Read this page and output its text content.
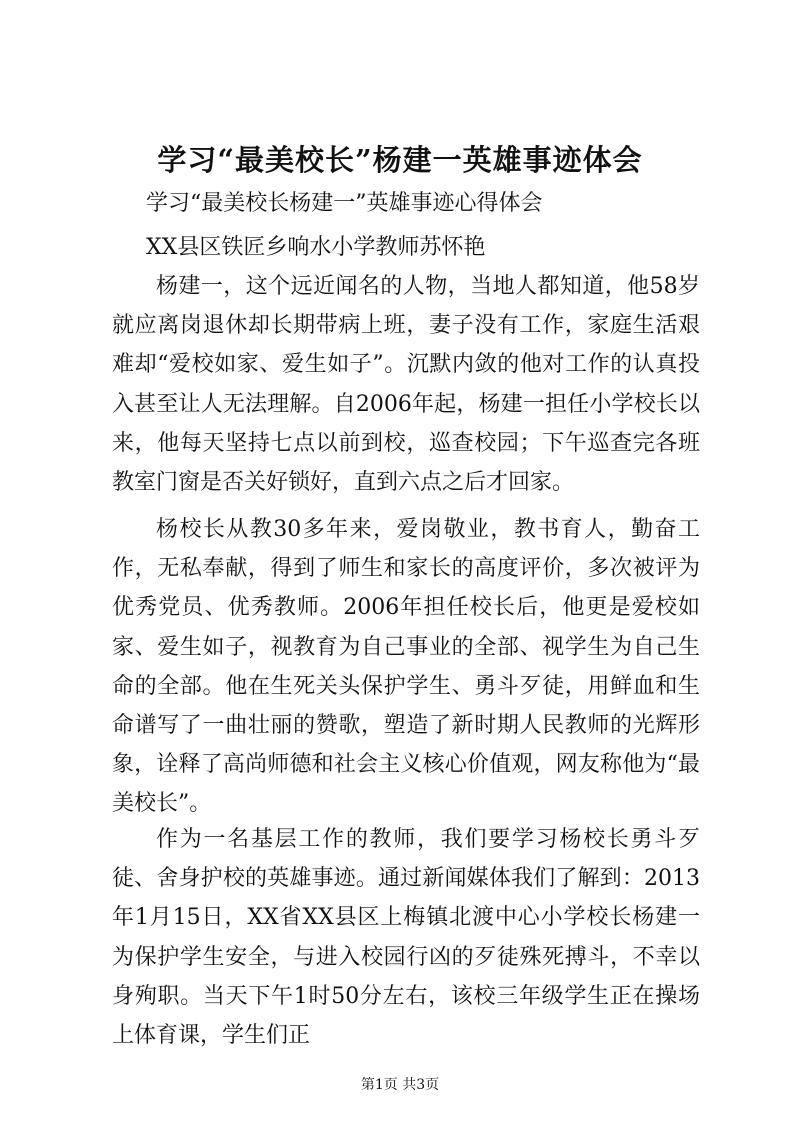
学习“最美校长”杨建一英雄事迹体会
学习“最美校长杨建一”英雄事迹心得体会
XX县区铁匠乡响水小学教师苏怀艳
杨建一，这个远近闻名的人物，当地人都知道，他58岁就应离岗退休却长期带病上班，妻子没有工作，家庭生活艰难却“爱校如家、爱生如子”。沉默内敛的他对工作的认真投入甚至让人无法理解。自2006年起，杨建一担任小学校长以来，他每天坚持七点以前到校，巡查校园；下午巡查完各班教室门窗是否关好锁好，直到六点之后才回家。
杨校长从教30多年来，爱岗敬业，教书育人，勤奋工作，无私奉献，得到了师生和家长的高度评价，多次被评为优秀党员、优秀教师。2006年担任校长后，他更是爱校如家、爱生如子，视教育为自己事业的全部、视学生为自己生命的全部。他在生死关头保护学生、勇斗歹徒，用鲜血和生命谱写了一曲壮丽的赞歌，塑造了新时期人民教师的光辉形象，诠释了高尚师德和社会主义核心价值观，网友称他为“最美校长”。
作为一名基层工作的教师，我们要学习杨校长勇斗歹徒、舍身护校的英雄事迹。通过新闻媒体我们了解到：2013年1月15日，XX省XX县区上梅镇北渡中心小学校长杨建一为保护学生安全，与进入校园行凶的歹徒殊死搏斗，不幸以身殉职。当天下午1时50分左右，该校三年级学生正在操场上体育课，学生们正
第1页 共3页
